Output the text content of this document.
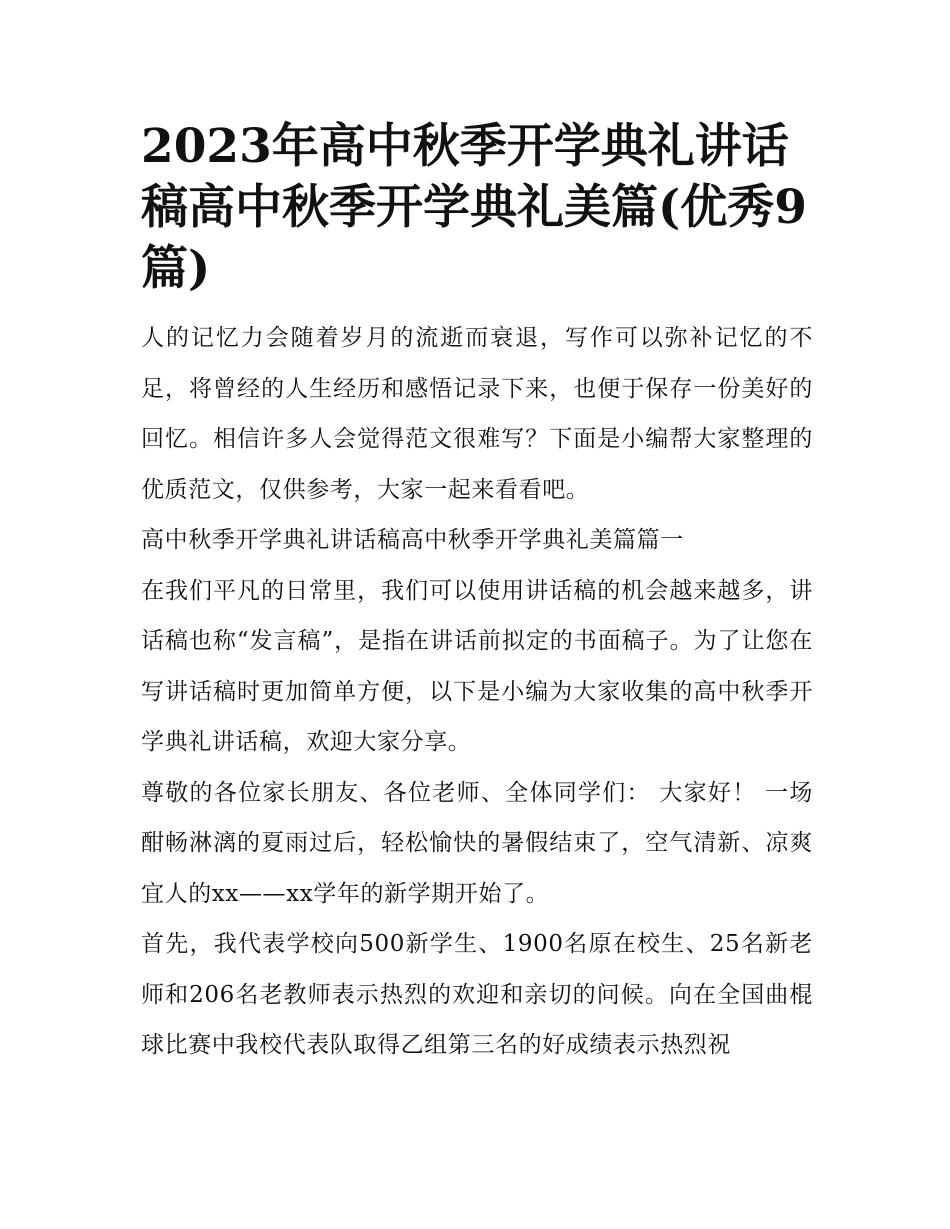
2023年高中秋季开学典礼讲话稿高中秋季开学典礼美篇(优秀9篇)

人的记忆力会随着岁月的流逝而衰退，写作可以弥补记忆的不足，将曾经的人生经历和感悟记录下来，也便于保存一份美好的回忆。相信许多人会觉得范文很难写？下面是小编帮大家整理的优质范文，仅供参考，大家一起来看看吧。

高中秋季开学典礼讲话稿高中秋季开学典礼美篇篇一

在我们平凡的日常里，我们可以使用讲话稿的机会越来越多，讲话稿也称“发言稿”，是指在讲话前拟定的书面稿子。为了让您在写讲话稿时更加简单方便，以下是小编为大家收集的高中秋季开学典礼讲话稿，欢迎大家分享。

尊敬的各位家长朋友、各位老师、全体同学们： 大家好！ 一场酣畅淋漓的夏雨过后，轻松愉快的暑假结束了，空气清新、凉爽宜人的xx——xx学年的新学期开始了。

首先，我代表学校向500新学生、1900名原在校生、25名新老师和206名老教师表示热烈的欢迎和亲切的问候。向在全国曲棍球比赛中我校代表队取得乙组第三名的好成绩表示热烈祝
